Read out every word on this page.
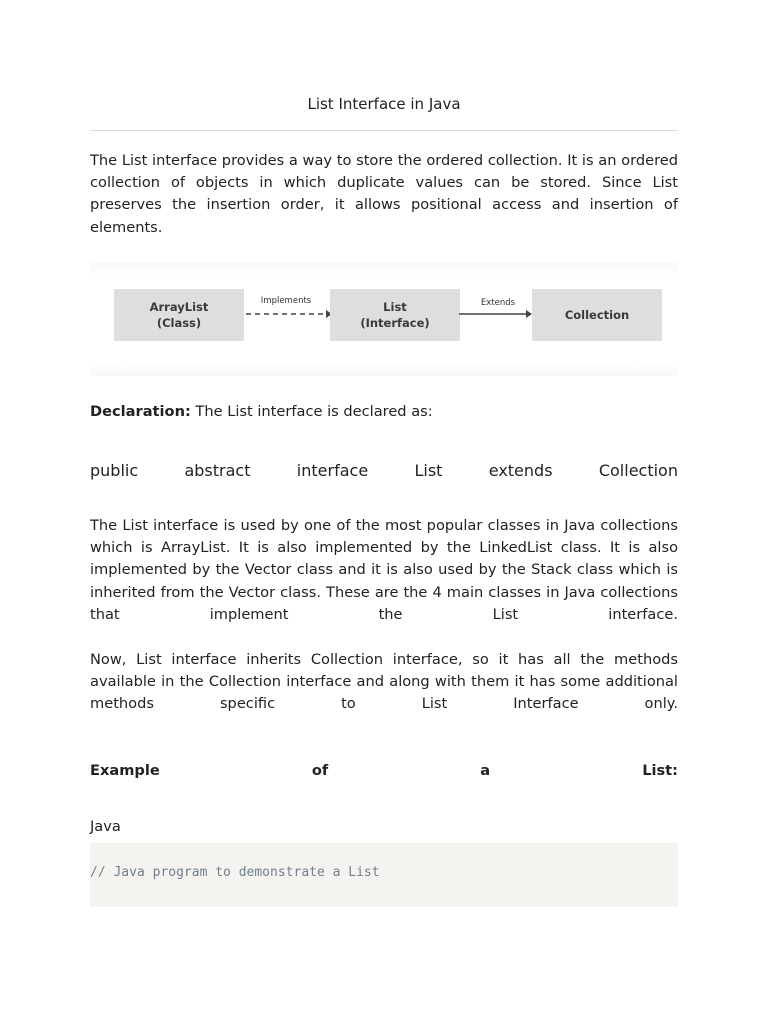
List Interface in Java

The List interface provides a way to store the ordered collection. It is an ordered collection of objects in which duplicate values can be stored. Since List preserves the insertion order, it allows positional access and insertion of elements.

ArrayList
(Class)
Implements	List
(Interface)
Extends
Collection
Declaration: The List interface is declared as:
public	abstract	interface	List	extends	Collection

The List interface is used by one of the most popular classes in Java collections which is ArrayList. It is also implemented by the LinkedList class. It is also implemented by the Vector class and it is also used by the Stack class which is inherited from the Vector class. These are the 4 main classes in Java collections that implement the List interface.

Now, List interface inherits Collection interface, so it has all the methods available in the Collection interface and along with them it has some additional methods specific to List Interface only.

Example	of	a	List:
Java
// Java program to demonstrate a List
